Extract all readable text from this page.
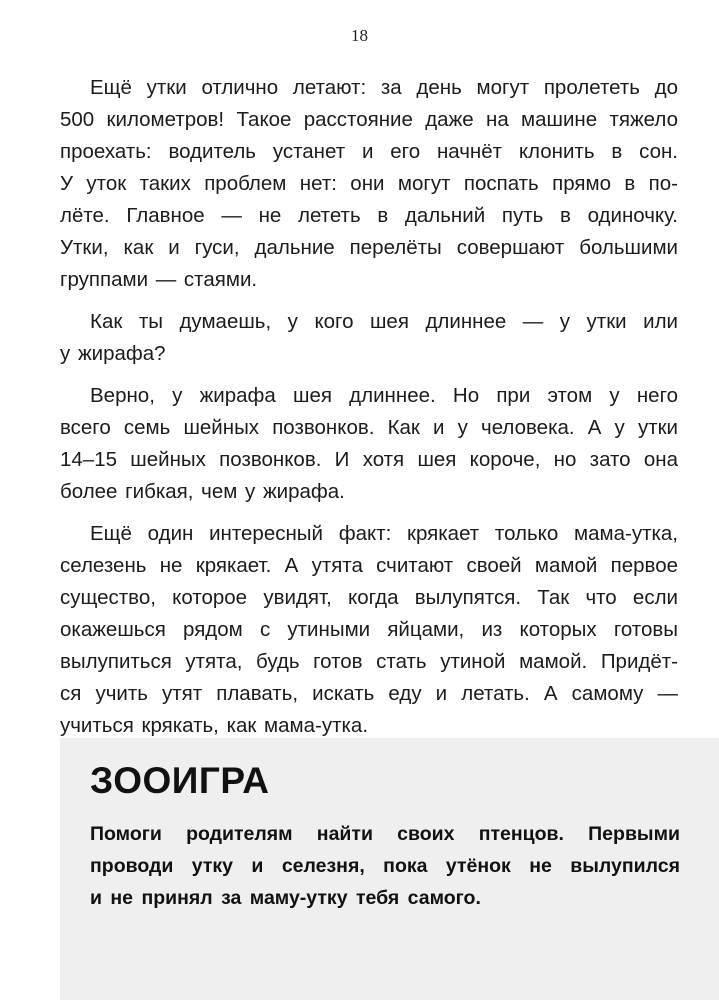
18
Ещё утки отлично летают: за день могут пролететь до
500 километров! Такое расстояние даже на машине тяжело
проехать: водитель устанет и его начнёт клонить в сон.
У уток таких проблем нет: они могут поспать прямо в по-
лёте. Главное — не лететь в дальний путь в одиночку.
Утки, как и гуси, дальние перелёты совершают большими
группами — стаями.
Как ты думаешь, у кого шея длиннее — у утки или
у жирафа?
Верно, у жирафа шея длиннее. Но при этом у него
всего семь шейных позвонков. Как и у человека. А у утки
14–15 шейных позвонков. И хотя шея короче, но зато она
более гибкая, чем у жирафа.
Ещё один интересный факт: крякает только мама-утка,
селезень не крякает. А утята считают своей мамой первое
существо, которое увидят, когда вылупятся. Так что если
окажешься рядом с утиными яйцами, из которых готовы
вылупиться утята, будь готов стать утиной мамой. Придёт-
ся учить утят плавать, искать еду и летать. А самому —
учиться крякать, как мама-утка.
ЗООИГРА
Помоги родителям найти своих птенцов. Первыми
проводи утку и селезня, пока утёнок не вылупился
и не принял за маму-утку тебя самого.
